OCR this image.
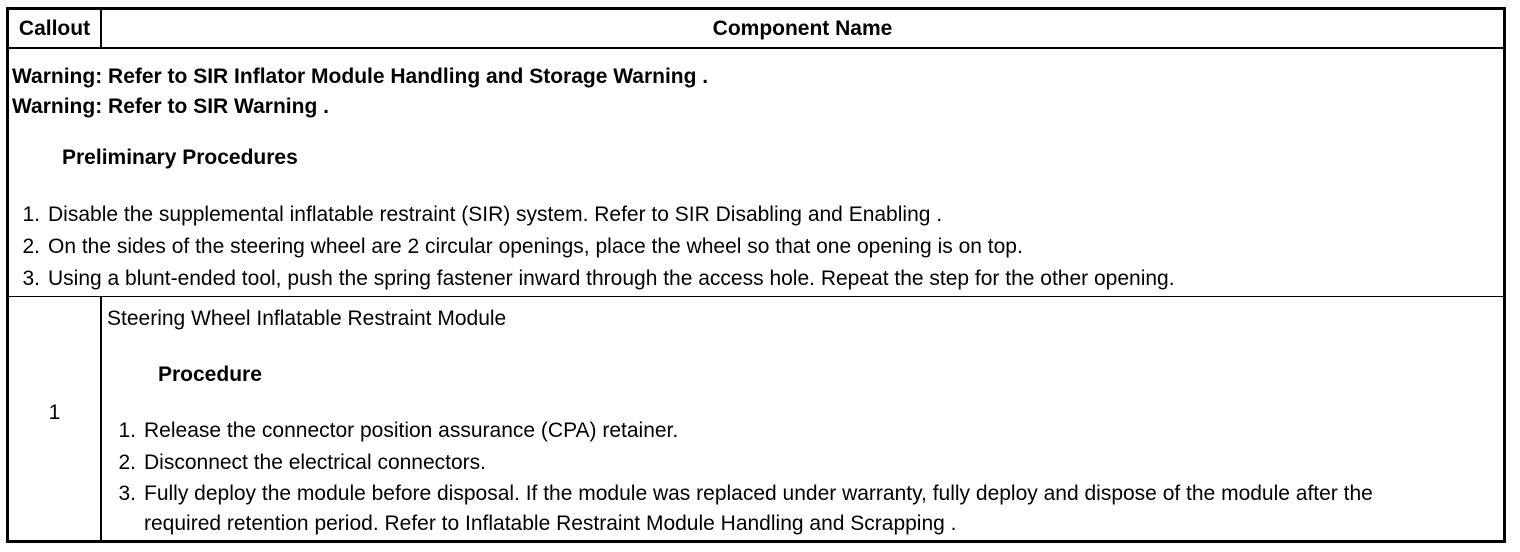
Callout	Component Name
Warning: Refer to SIR Inflator Module Handling and Storage Warning .
Warning: Refer to SIR Warning .
Preliminary Procedures
1. Disable the supplemental inflatable restraint (SIR) system. Refer to SIR Disabling and Enabling .
2. On the sides of the steering wheel are 2 circular openings, place the wheel so that one opening is on top.
3. Using a blunt-ended tool, push the spring fastener inward through the access hole. Repeat the step for the other opening.
1
Steering Wheel Inflatable Restraint Module
Procedure
1. Release the connector position assurance (CPA) retainer.
2. Disconnect the electrical connectors.
3. Fully deploy the module before disposal. If the module was replaced under warranty, fully deploy and dispose of the module after the required retention period. Refer to Inflatable Restraint Module Handling and Scrapping .
